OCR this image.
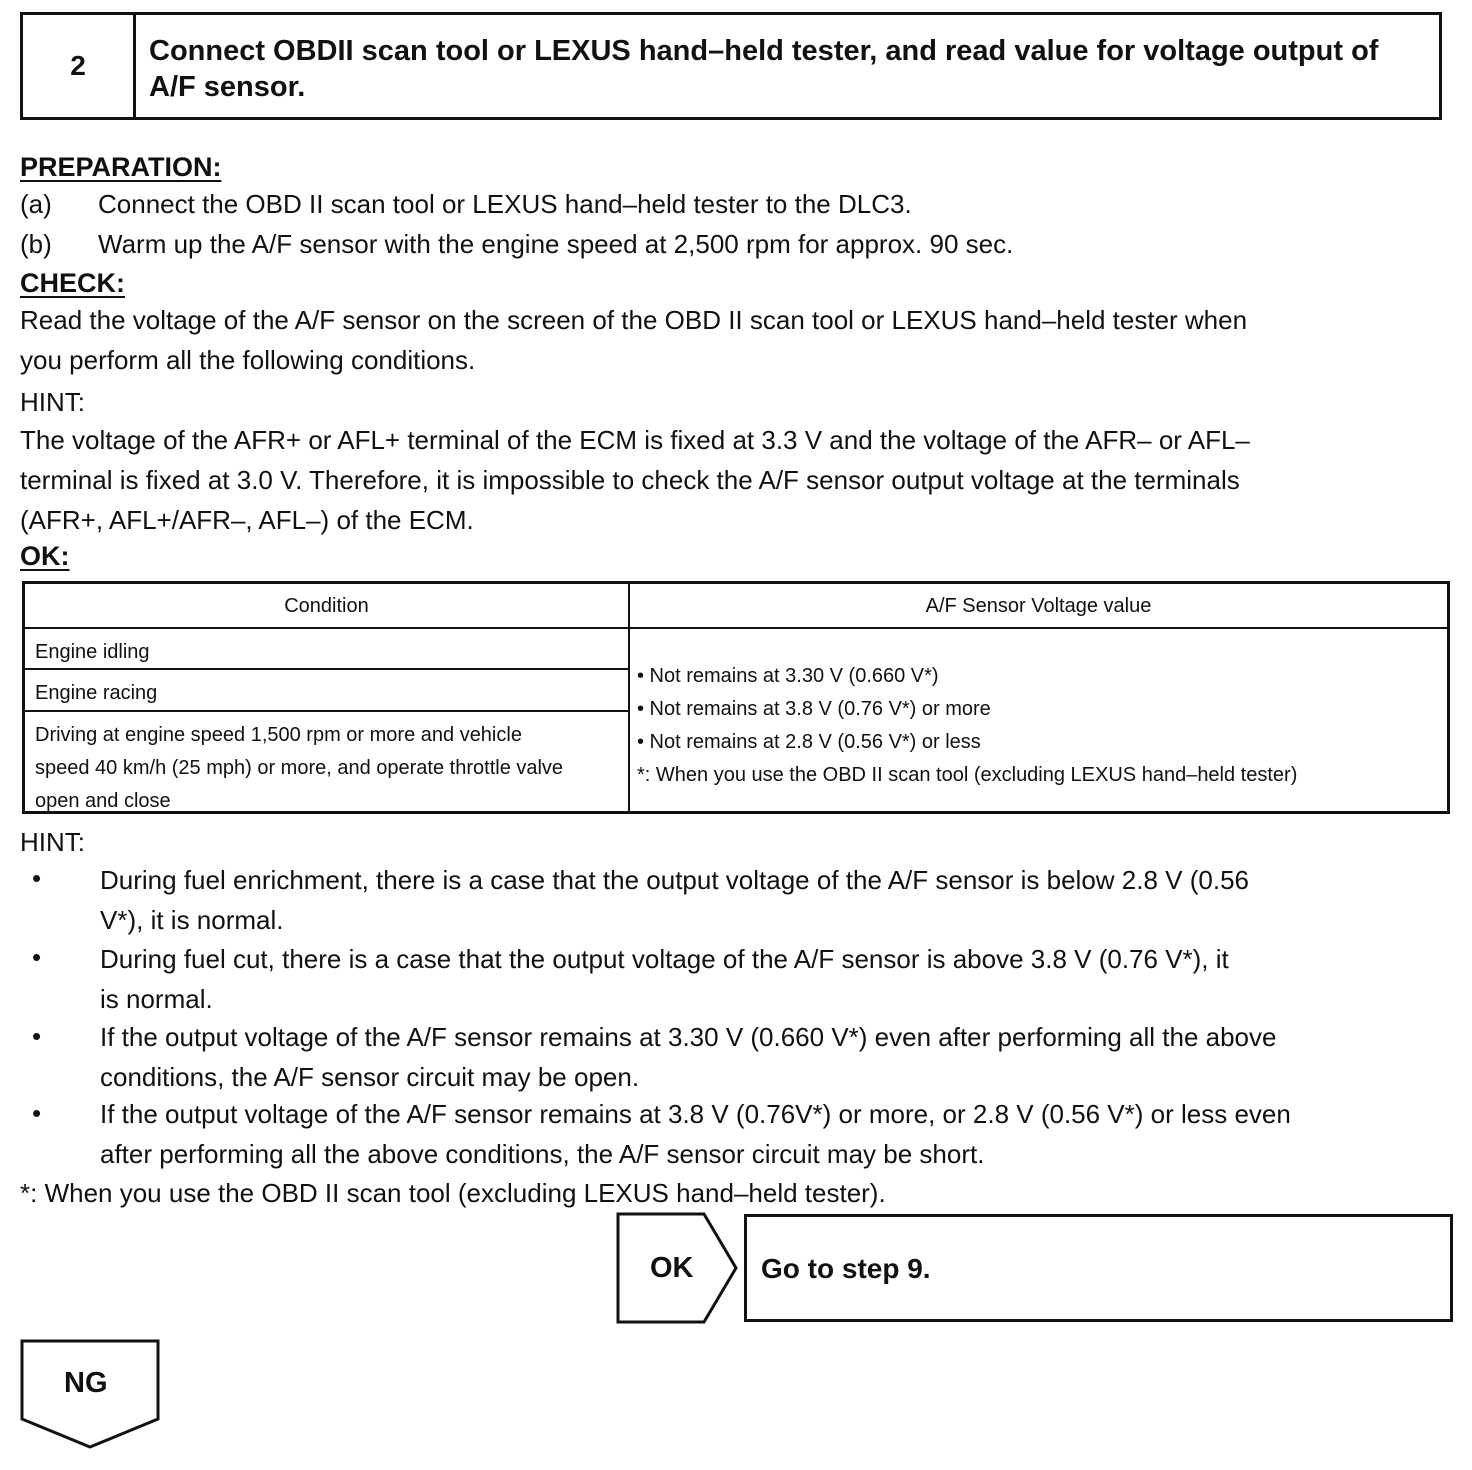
2	Connect OBDII scan tool or LEXUS hand–held tester, and read value for voltage output of A/F sensor.
PREPARATION:
(a) Connect the OBD II scan tool or LEXUS hand–held tester to the DLC3.
(b) Warm up the A/F sensor with the engine speed at 2,500 rpm for approx. 90 sec.
CHECK:
Read the voltage of the A/F sensor on the screen of the OBD II scan tool or LEXUS hand–held tester when
you perform all the following conditions.
HINT:
The voltage of the AFR+ or AFL+ terminal of the ECM is fixed at 3.3 V and the voltage of the AFR– or AFL–
terminal is fixed at 3.0 V. Therefore, it is impossible to check the A/F sensor output voltage at the terminals
(AFR+, AFL+/AFR–, AFL–) of the ECM.
OK:
Condition	A/F Sensor Voltage value
Engine idling
Engine racing
Driving at engine speed 1,500 rpm or more and vehicle
speed 40 km/h (25 mph) or more, and operate throttle valve
open and close
• Not remains at 3.30 V (0.660 V*)
• Not remains at 3.8 V (0.76 V*) or more
• Not remains at 2.8 V (0.56 V*) or less
*: When you use the OBD II scan tool (excluding LEXUS hand–held tester)
HINT:
• During fuel enrichment, there is a case that the output voltage of the A/F sensor is below 2.8 V (0.56
V*), it is normal.
• During fuel cut, there is a case that the output voltage of the A/F sensor is above 3.8 V (0.76 V*), it
is normal.
• If the output voltage of the A/F sensor remains at 3.30 V (0.660 V*) even after performing all the above
conditions, the A/F sensor circuit may be open.
• If the output voltage of the A/F sensor remains at 3.8 V (0.76V*) or more, or 2.8 V (0.56 V*) or less even
after performing all the above conditions, the A/F sensor circuit may be short.
*: When you use the OBD II scan tool (excluding LEXUS hand–held tester).
OK Go to step 9.
NG
